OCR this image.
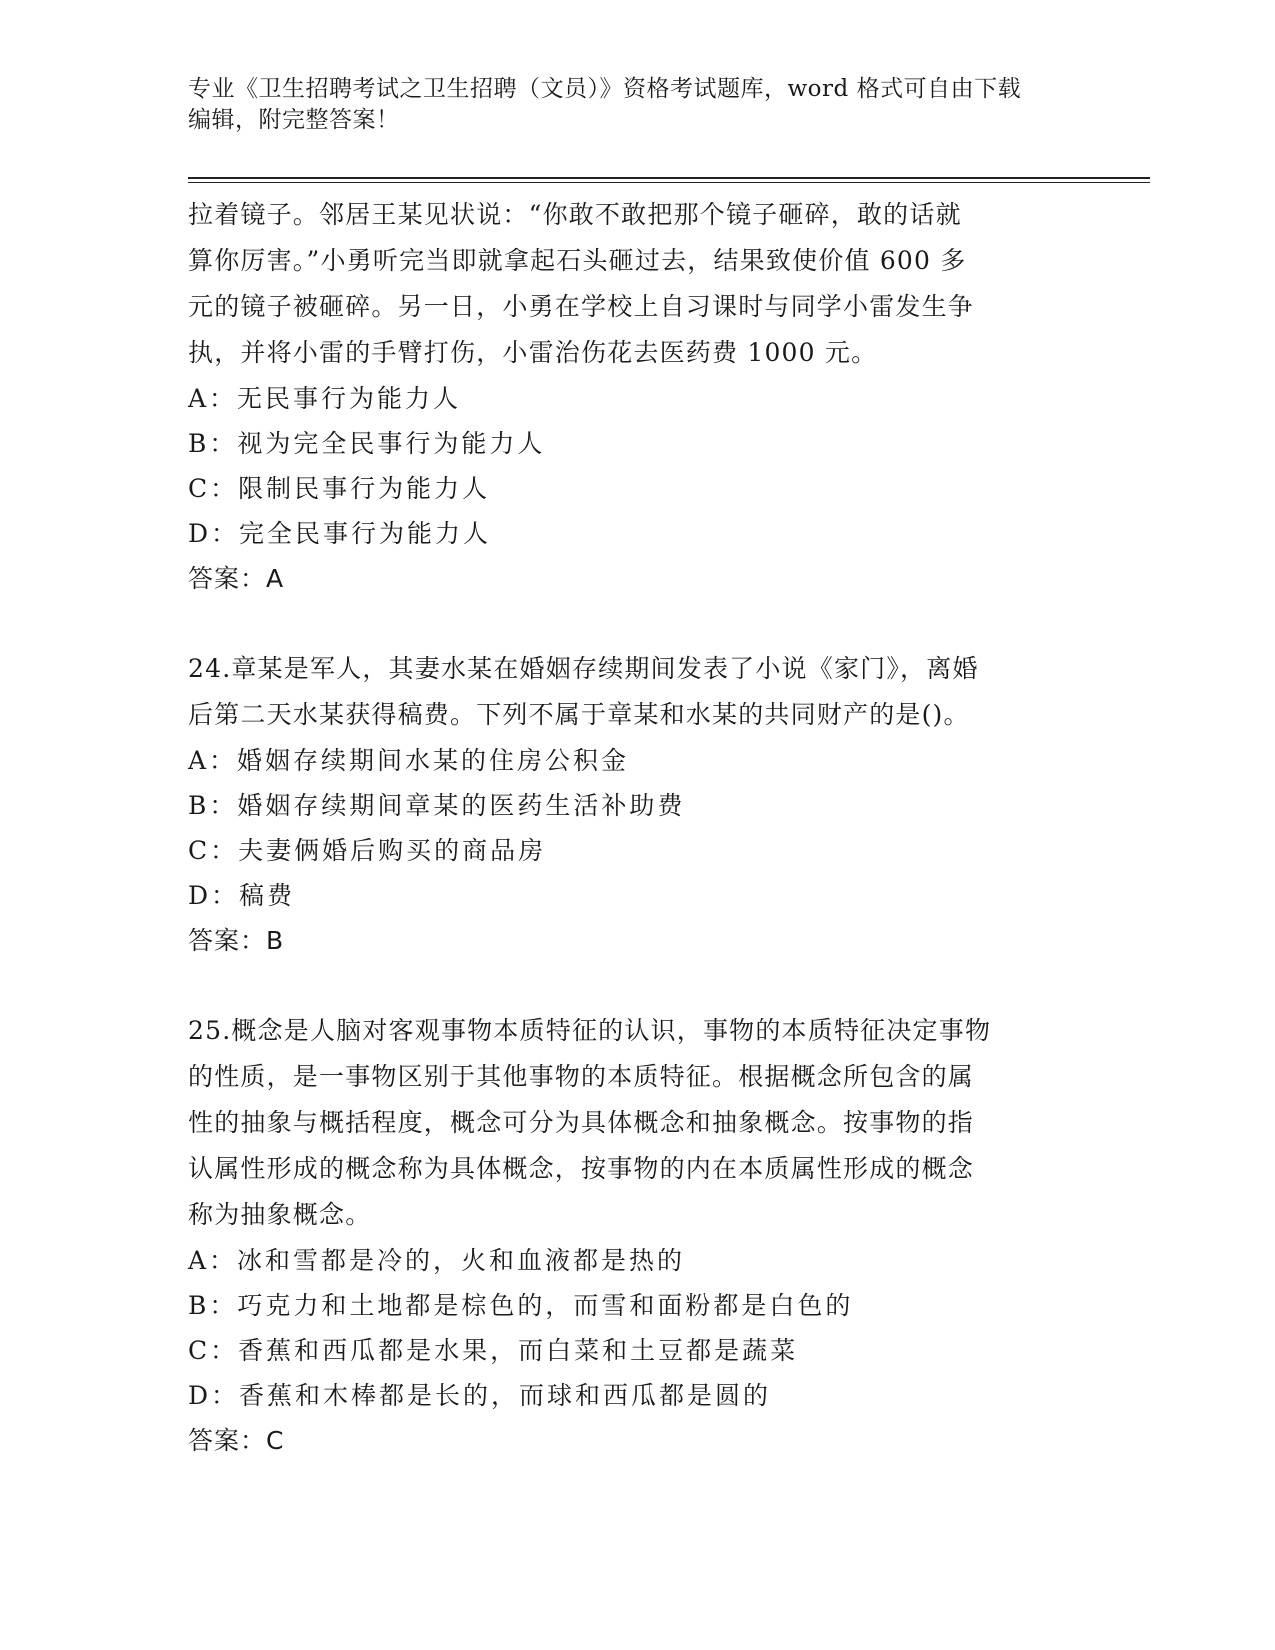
专业《卫生招聘考试之卫生招聘（文员）》资格考试题库，word 格式可自由下载
编辑，附完整答案！

拉着镜子。邻居王某见状说：“你敢不敢把那个镜子砸碎，敢的话就

算你厉害。”小勇听完当即就拿起石头砸过去，结果致使价值 600 多

元的镜子被砸碎。另一日，小勇在学校上自习课时与同学小雷发生争

执，并将小雷的手臂打伤，小雷治伤花去医药费 1000 元。

A：无民事行为能力人

B：视为完全民事行为能力人

C：限制民事行为能力人

D：完全民事行为能力人

答案：A

24.章某是军人，其妻水某在婚姻存续期间发表了小说《家门》，离婚

后第二天水某获得稿费。下列不属于章某和水某的共同财产的是()。

A：婚姻存续期间水某的住房公积金

B：婚姻存续期间章某的医药生活补助费

C：夫妻俩婚后购买的商品房

D：稿费

答案：B

25.概念是人脑对客观事物本质特征的认识，事物的本质特征决定事物

的性质，是一事物区别于其他事物的本质特征。根据概念所包含的属

性的抽象与概括程度，概念可分为具体概念和抽象概念。按事物的指

认属性形成的概念称为具体概念，按事物的内在本质属性形成的概念

称为抽象概念。

A：冰和雪都是冷的，火和血液都是热的

B：巧克力和土地都是棕色的，而雪和面粉都是白色的

C：香蕉和西瓜都是水果，而白菜和土豆都是蔬菜

D：香蕉和木棒都是长的，而球和西瓜都是圆的

答案：C
